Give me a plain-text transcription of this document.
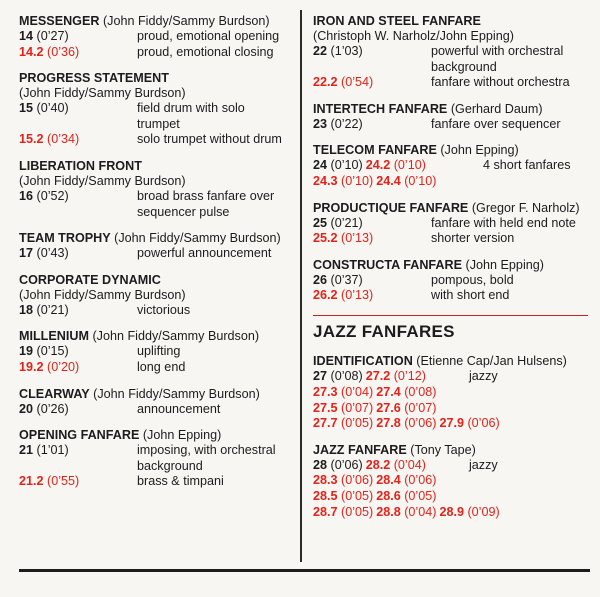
MESSENGER (John Fiddy/Sammy Burdson)
14 (0’27)	proud, emotional opening
14.2 (0’36)	proud, emotional closing
PROGRESS STATEMENT
(John Fiddy/Sammy Burdson)
15 (0’40)	field drum with solo trumpet
15.2 (0’34)	solo trumpet without drum
LIBERATION FRONT
(John Fiddy/Sammy Burdson)
16 (0’52)	broad brass fanfare over sequencer pulse
TEAM TROPHY (John Fiddy/Sammy Burdson)
17 (0’43)	powerful announcement
CORPORATE DYNAMIC
(John Fiddy/Sammy Burdson)
18 (0’21)	victorious
MILLENIUM (John Fiddy/Sammy Burdson)
19 (0’15)	uplifting
19.2 (0’20)	long end
CLEARWAY (John Fiddy/Sammy Burdson)
20 (0’26)	announcement
OPENING FANFARE (John Epping)
21 (1’01)	imposing, with orchestral background
21.2 (0’55)	brass & timpani
IRON AND STEEL FANFARE
(Christoph W. Narholz/John Epping)
22 (1’03)	powerful with orchestral background
22.2 (0’54)	fanfare without orchestra
INTERTECH FANFARE (Gerhard Daum)
23 (0’22)	fanfare over sequencer
TELECOM FANFARE (John Epping)
24 (0’10) 24.2 (0’10)	4 short fanfares
24.3 (0’10) 24.4 (0’10)
PRODUCTIQUE FANFARE (Gregor F. Narholz)
25 (0’21)	fanfare with held end note
25.2 (0’13)	shorter version
CONSTRUCTA FANFARE (John Epping)
26 (0’37)	pompous, bold
26.2 (0’13)	with short end
JAZZ FANFARES
IDENTIFICATION (Etienne Cap/Jan Hulsens)
27 (0’08) 27.2 (0’12)	jazzy
27.3 (0’04) 27.4 (0’08)
27.5 (0’07) 27.6 (0’07)
27.7 (0’05) 27.8 (0’06) 27.9 (0’06)
JAZZ FANFARE (Tony Tape)
28 (0’06) 28.2 (0’04)	jazzy
28.3 (0’06) 28.4 (0’06)
28.5 (0’05) 28.6 (0’05)
28.7 (0’05) 28.8 (0’04) 28.9 (0’09)
